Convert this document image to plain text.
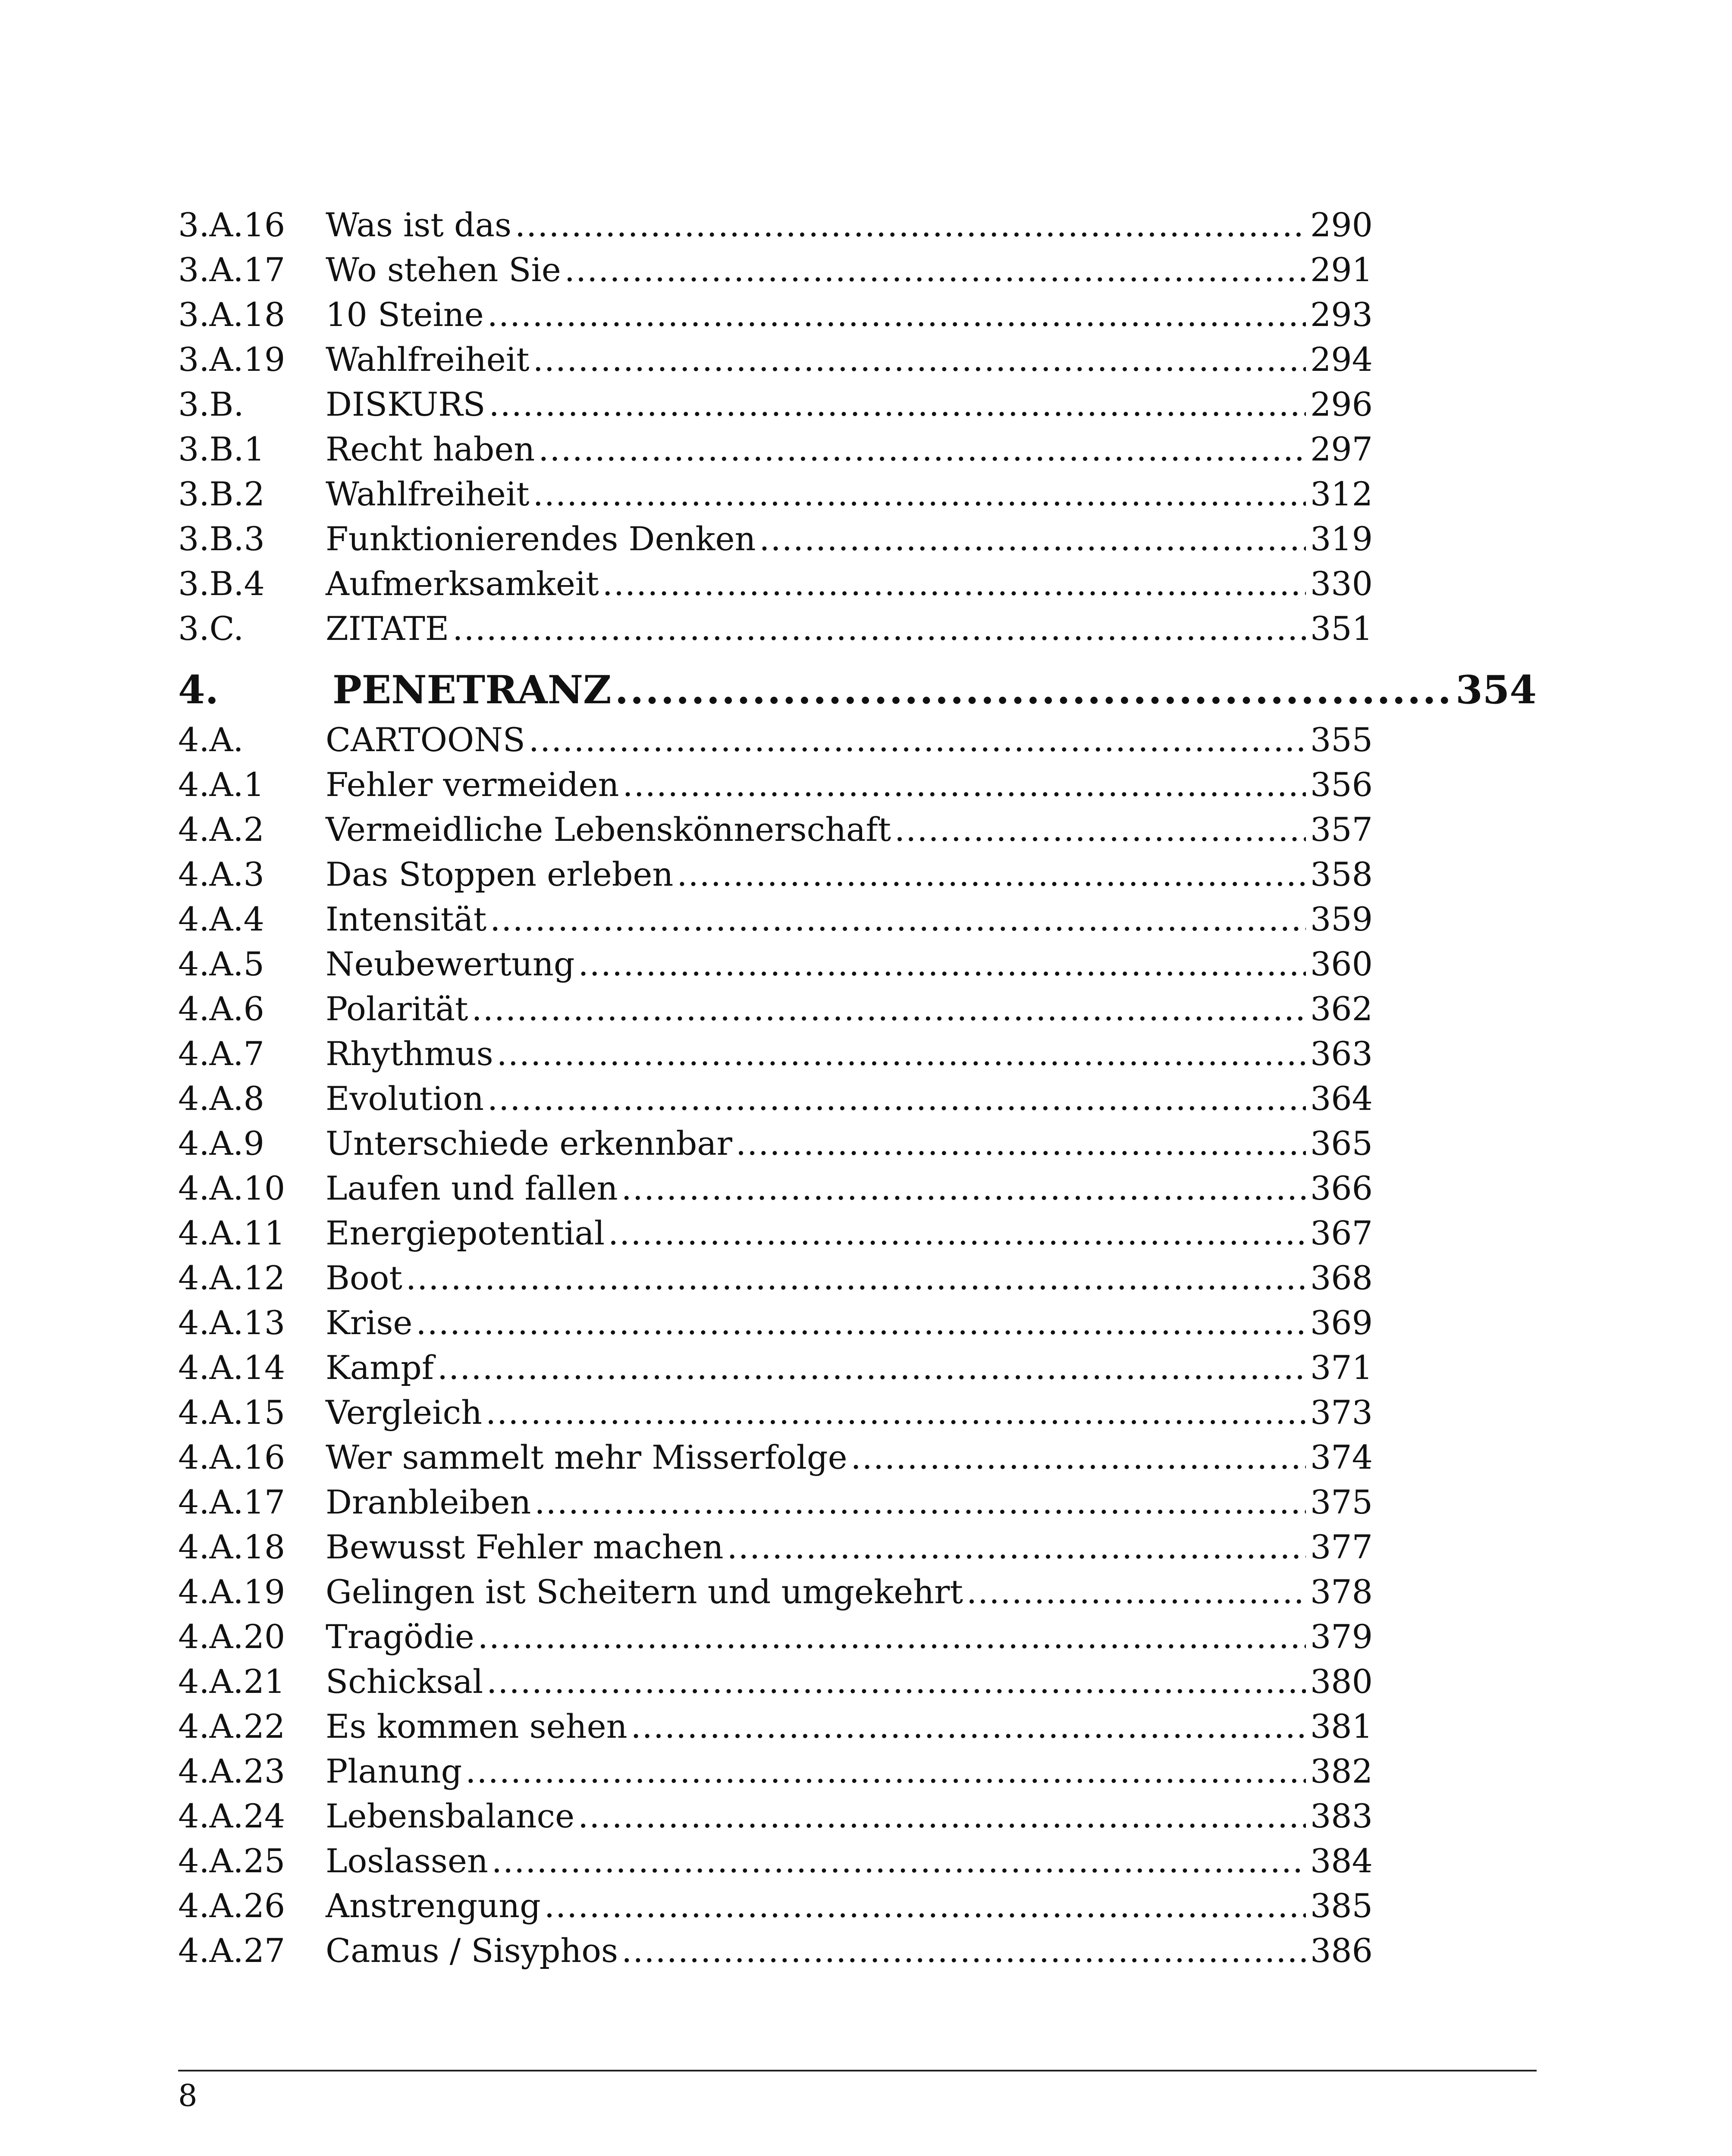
3.A.16	Was ist das .....	290
3.A.17	Wo stehen Sie .....	291
3.A.18	10 Steine .....	293
3.A.19	Wahlfreiheit .....	294
3.B.	DISKURS .....	296
3.B.1	Recht haben .....	297
3.B.2	Wahlfreiheit .....	312
3.B.3	Funktionierendes Denken .....	319
3.B.4	Aufmerksamkeit .....	330
3.C.	ZITATE .....	351
4.	PENETRANZ .....	354
4.A.	CARTOONS .....	355
4.A.1	Fehler vermeiden .....	356
4.A.2	Vermeidliche Lebenskönnerschaft .....	357
4.A.3	Das Stoppen erleben .....	358
4.A.4	Intensität .....	359
4.A.5	Neubewertung .....	360
4.A.6	Polarität .....	362
4.A.7	Rhythmus .....	363
4.A.8	Evolution .....	364
4.A.9	Unterschiede erkennbar .....	365
4.A.10	Laufen und fallen .....	366
4.A.11	Energiepotential .....	367
4.A.12	Boot .....	368
4.A.13	Krise .....	369
4.A.14	Kampf .....	371
4.A.15	Vergleich .....	373
4.A.16	Wer sammelt mehr Misserfolge .....	374
4.A.17	Dranbleiben .....	375
4.A.18	Bewusst Fehler machen .....	377
4.A.19	Gelingen ist Scheitern und umgekehrt .....	378
4.A.20	Tragödie .....	379
4.A.21	Schicksal .....	380
4.A.22	Es kommen sehen .....	381
4.A.23	Planung .....	382
4.A.24	Lebensbalance .....	383
4.A.25	Loslassen .....	384
4.A.26	Anstrengung .....	385
4.A.27	Camus / Sisyphos .....	386
8
